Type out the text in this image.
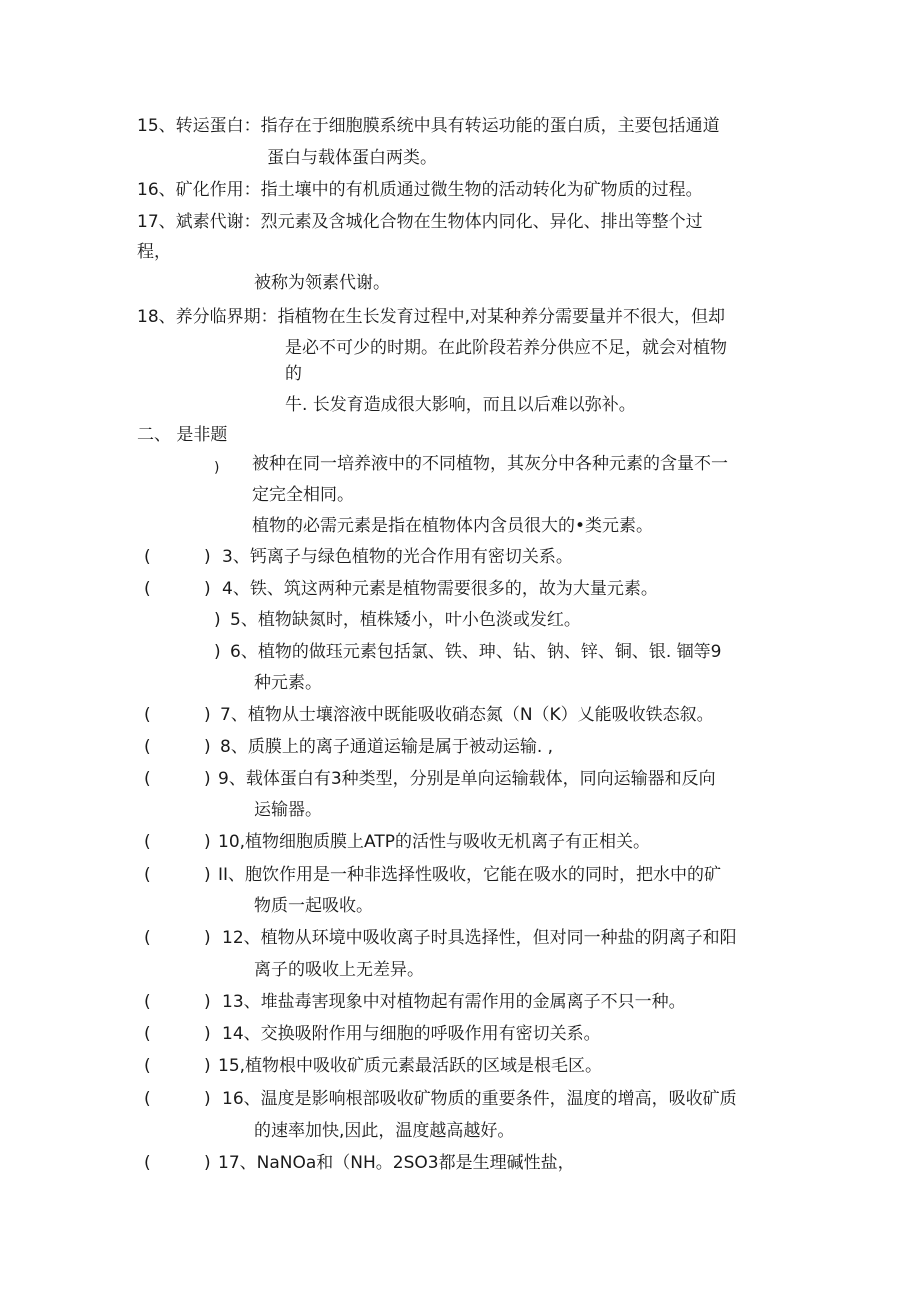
15、转运蛋白：指存在于细胞膜系统中具有转运功能的蛋白质，主要包括通道
蛋白与载体蛋白两类。
16、矿化作用：指土壤中的有机质通过微生物的活动转化为矿物质的过程。
17、斌素代谢：烈元素及含城化合物在生物体内同化、异化、排出等整个过
程，
被称为领素代谢。
18、养分临界期：指植物在生长发育过程中,对某种养分需要量并不很大，但却
是必不可少的时期。在此阶段若养分供应不足，就会对植物
的
牛. 长发育造成很大影响，而且以后难以弥补。
二、 是非题
) 被种在同一培养液中的不同植物，其灰分中各种元素的含量不一
定完全相同。
植物的必需元素是指在植物体内含员很大的•类元素。
(	) 3、钙离子与绿色植物的光合作用有密切关系。
(	) 4、铁、筑这两种元素是植物需要很多的，故为大量元素。
) 5、植物缺氮时，植株矮小，叶小色淡或发红。
) 6、植物的做珏元素包括氯、铁、珅、钻、钠、锌、铜、银. 锢等9
种元素。
(	) 7、植物从士壤溶液中既能吸收硝态氮（N（K）乂能吸收铁态叙。
(	) 8、质膜上的离子通道运输是属于被动运输. ,
(	) 9、载体蛋白有3种类型，分别是单向运输载体，同向运输器和反向
运输器。
(	) 10,植物细胞质膜上ATP的活性与吸收无机离子有正相关。
(	) II、胞饮作用是一种非选择性吸收，它能在吸水的同时，把水中的矿
物质一起吸收。
(	) 12、植物从环境中吸收离子时具选择性，但对同一种盐的阴离子和阳
离子的吸收上无差异。
(	) 13、堆盐毒害现象中对植物起有需作用的金属离子不只一种。
(	) 14、交换吸附作用与细胞的呼吸作用有密切关系。
(	) 15,植物根中吸收矿质元素最活跃的区域是根毛区。
(	) 16、温度是影响根部吸收矿物质的重要条件，温度的增高，吸收矿质
的速率加快,因此，温度越高越好。
(	) 17、NaNOa和（NH。2SO3都是生理碱性盐，
